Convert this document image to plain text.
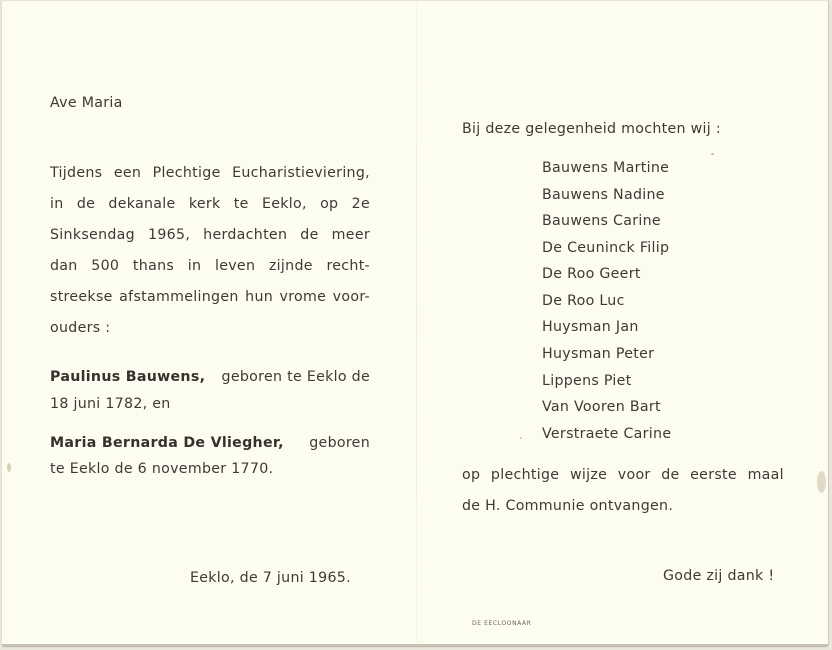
Ave Maria
Tijdens een Plechtige Eucharistieviering,
in de dekanale kerk te Eeklo, op 2e
Sinksendag 1965, herdachten de meer
dan 500 thans in leven zijnde recht-
streekse afstammelingen hun vrome voor-
ouders :
Paulinus Bauwens, geboren te Eeklo de
18 juni 1782, en
Maria Bernarda De Vliegher, geboren
te Eeklo de 6 november 1770.
Eeklo, de 7 juni 1965.
Bij deze gelegenheid mochten wij :
Bauwens Martine
Bauwens Nadine
Bauwens Carine
De Ceuninck Filip
De Roo Geert
De Roo Luc
Huysman Jan
Huysman Peter
Lippens Piet
Van Vooren Bart
Verstraete Carine
op plechtige wijze voor de eerste maal
de H. Communie ontvangen.
Gode zij dank !
DE EECLOONAAR
